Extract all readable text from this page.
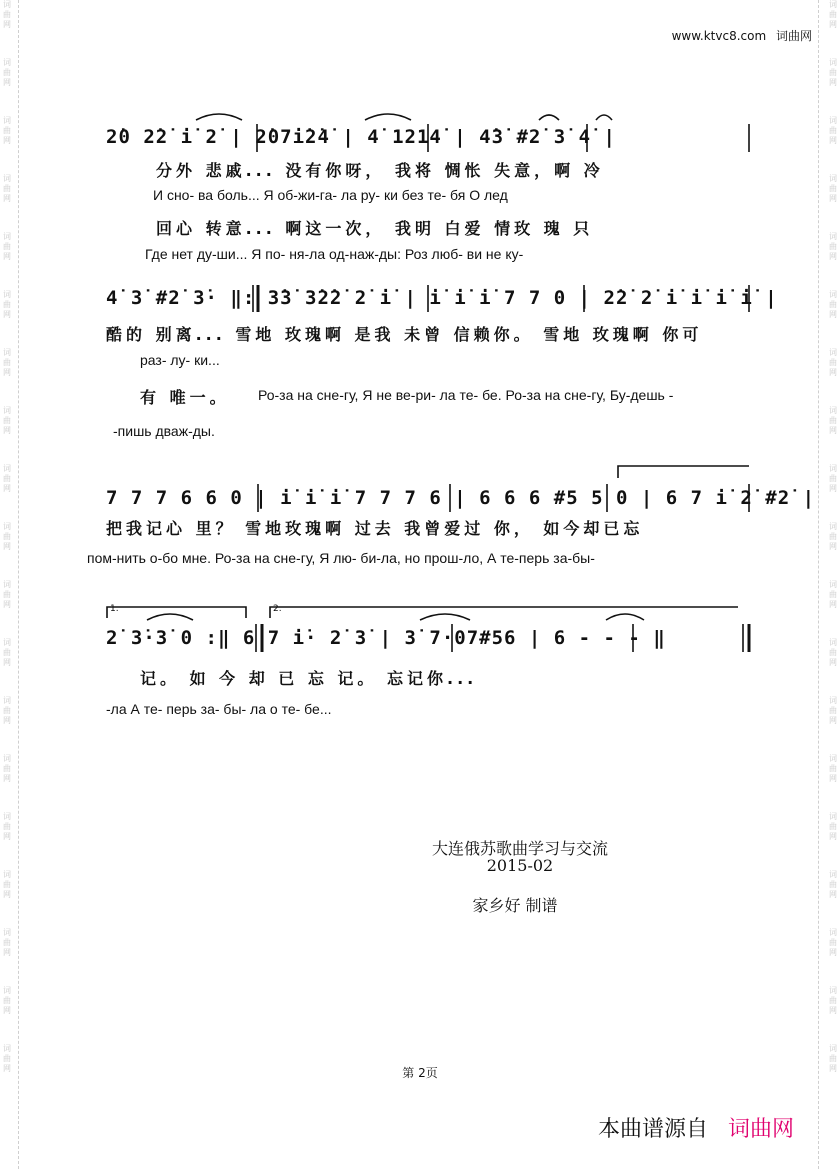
词曲网
词曲网
词曲网
词曲网
词曲网
词曲网
词曲网
词曲网
词曲网
词曲网
词曲网
词曲网
词曲网
词曲网
词曲网
词曲网
词曲网
词曲网
词曲网
词曲网
词曲网
词曲网
词曲网
词曲网
词曲网
词曲网
词曲网
词曲网
词曲网
词曲网
词曲网
词曲网
词曲网
词曲网
词曲网
词曲网
词曲网
词曲网
www.ktvc8.com 词曲网
2̇0 2̇2̇ i̇ 2̇ | 2̇07i̇2̇4̇ | 4̇ 1214̇ | 4̇3̇ #2̇ 3̇ 4̇ |
分外 悲戚... 没有你呀， 我将 惆怅 失意，啊 冷
И сно- ва боль... Я об-жи-га- ла ру- ки без те- бя О лед
回心 转意... 啊这一次， 我明 白爱 情玫 瑰 只
Где нет ду-ши... Я по- ня-ла од-наж-ды: Роз люб- ви не ку-
4̇ 3̇ #2̇ 3̇· ‖: 3̇3̇ 3̇2̇2̇ 2̇ i̇ | i̇ i̇ i̇ 7 7 0 | 2̇2̇ 2̇ i̇ i̇ i̇ i̇ |
酷的 别离... 雪地 玫瑰啊 是我 未曾 信赖你。 雪地 玫瑰啊 你可
раз- лу- ки...
有 唯一。 Ро-за на сне-гу, Я не ве-ри- ла те- бе. Ро-за на сне-гу, Бу-дешь -
-пишь дваж-ды.
7 7 7 6 6 0 | i̇ i̇ i̇ 7 7 7 6 | 6 6 6 #5 5 0 | 6 7 i̇ 2̇ #2̇ |
把我记心 里？ 雪地玫瑰啊 过去 我曾爱过 你， 如今却已忘
пом-нить о-бо мне. Ро-за на сне-гу, Я лю- би-ла, но прош-ло, А те-перь за-бы-
1.	2.
2̇ 3̇·3̇ 0 :‖ 6 7 i̇· 2̇ 3̇ | 3̇ 7·07#56 | 6 - - - ‖
记。 如 今 却 已 忘 记。 忘记你...
-ла А те- перь за- бы- ла о те- бе...
大连俄苏歌曲学习与交流
2015-02
家乡好 制谱
第 2页
本曲谱源自 词曲网
